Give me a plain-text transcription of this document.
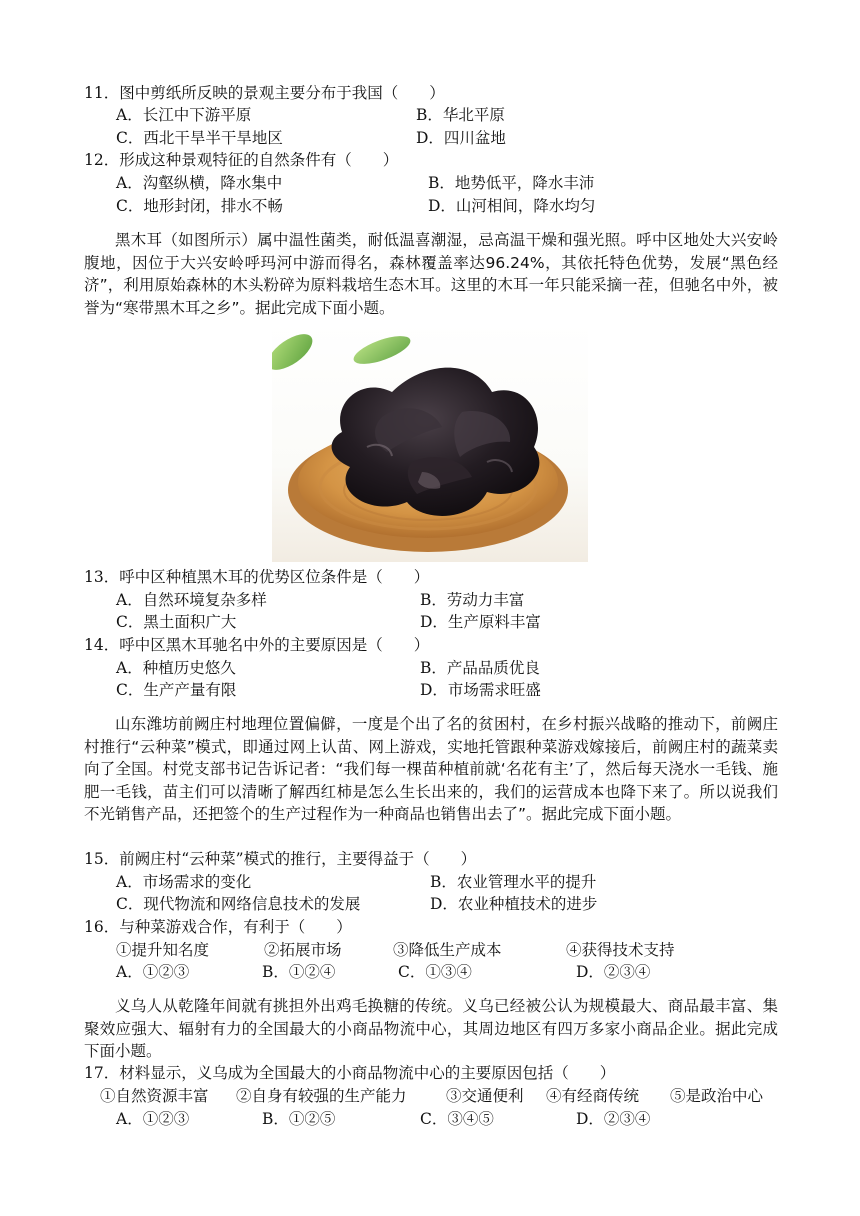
11．图中剪纸所反映的景观主要分布于我国（　　）
A．长江中下游平原	B．华北平原
C．西北干旱半干旱地区	D．四川盆地
12．形成这种景观特征的自然条件有（　　）
A．沟壑纵横，降水集中	B．地势低平，降水丰沛
C．地形封闭，排水不畅	D．山河相间，降水均匀
黑木耳（如图所示）属中温性菌类，耐低温喜潮湿，忌高温干燥和强光照。呼中区地处大兴安岭腹地，因位于大兴安岭呼玛河中游而得名，森林覆盖率达96.24%，其依托特色优势，发展“黑色经济”，利用原始森林的木头粉碎为原料栽培生态木耳。这里的木耳一年只能采摘一茬，但驰名中外，被誉为“寒带黑木耳之乡”。据此完成下面小题。
13．呼中区种植黑木耳的优势区位条件是（　　）
A．自然环境复杂多样	B．劳动力丰富
C．黑土面积广大	D．生产原料丰富
14．呼中区黑木耳驰名中外的主要原因是（　　）
A．种植历史悠久	B．产品品质优良
C．生产产量有限	D．市场需求旺盛
山东潍坊前阙庄村地理位置偏僻，一度是个出了名的贫困村，在乡村振兴战略的推动下，前阙庄村推行“云种菜”模式，即通过网上认苗、网上游戏，实地托管跟种菜游戏嫁接后，前阙庄村的蔬菜卖向了全国。村党支部书记告诉记者：“我们每一棵苗种植前就‘名花有主’了，然后每天浇水一毛钱、施肥一毛钱，苗主们可以清晰了解西红柿是怎么生长出来的，我们的运营成本也降下来了。所以说我们不光销售产品，还把签个的生产过程作为一种商品也销售出去了”。据此完成下面小题。
15．前阙庄村“云种菜”模式的推行，主要得益于（　　）
A．市场需求的变化	B．农业管理水平的提升
C．现代物流和网络信息技术的发展	D．农业种植技术的进步
16．与种菜游戏合作，有利于（　　）
①提升知名度	②拓展市场	③降低生产成本	④获得技术支持
A．①②③	B．①②④	C．①③④	D．②③④
义乌人从乾隆年间就有挑担外出鸡毛换糖的传统。义乌已经被公认为规模最大、商品最丰富、集聚效应强大、辐射有力的全国最大的小商品物流中心，其周边地区有四万多家小商品企业。据此完成下面小题。
17．材料显示，义乌成为全国最大的小商品物流中心的主要原因包括（　　）
①自然资源丰富 ②自身有较强的生产能力	③交通便利 ④有经商传统 ⑤是政治中心
A．①②③	B．①②⑤	C．③④⑤	D．②③④
